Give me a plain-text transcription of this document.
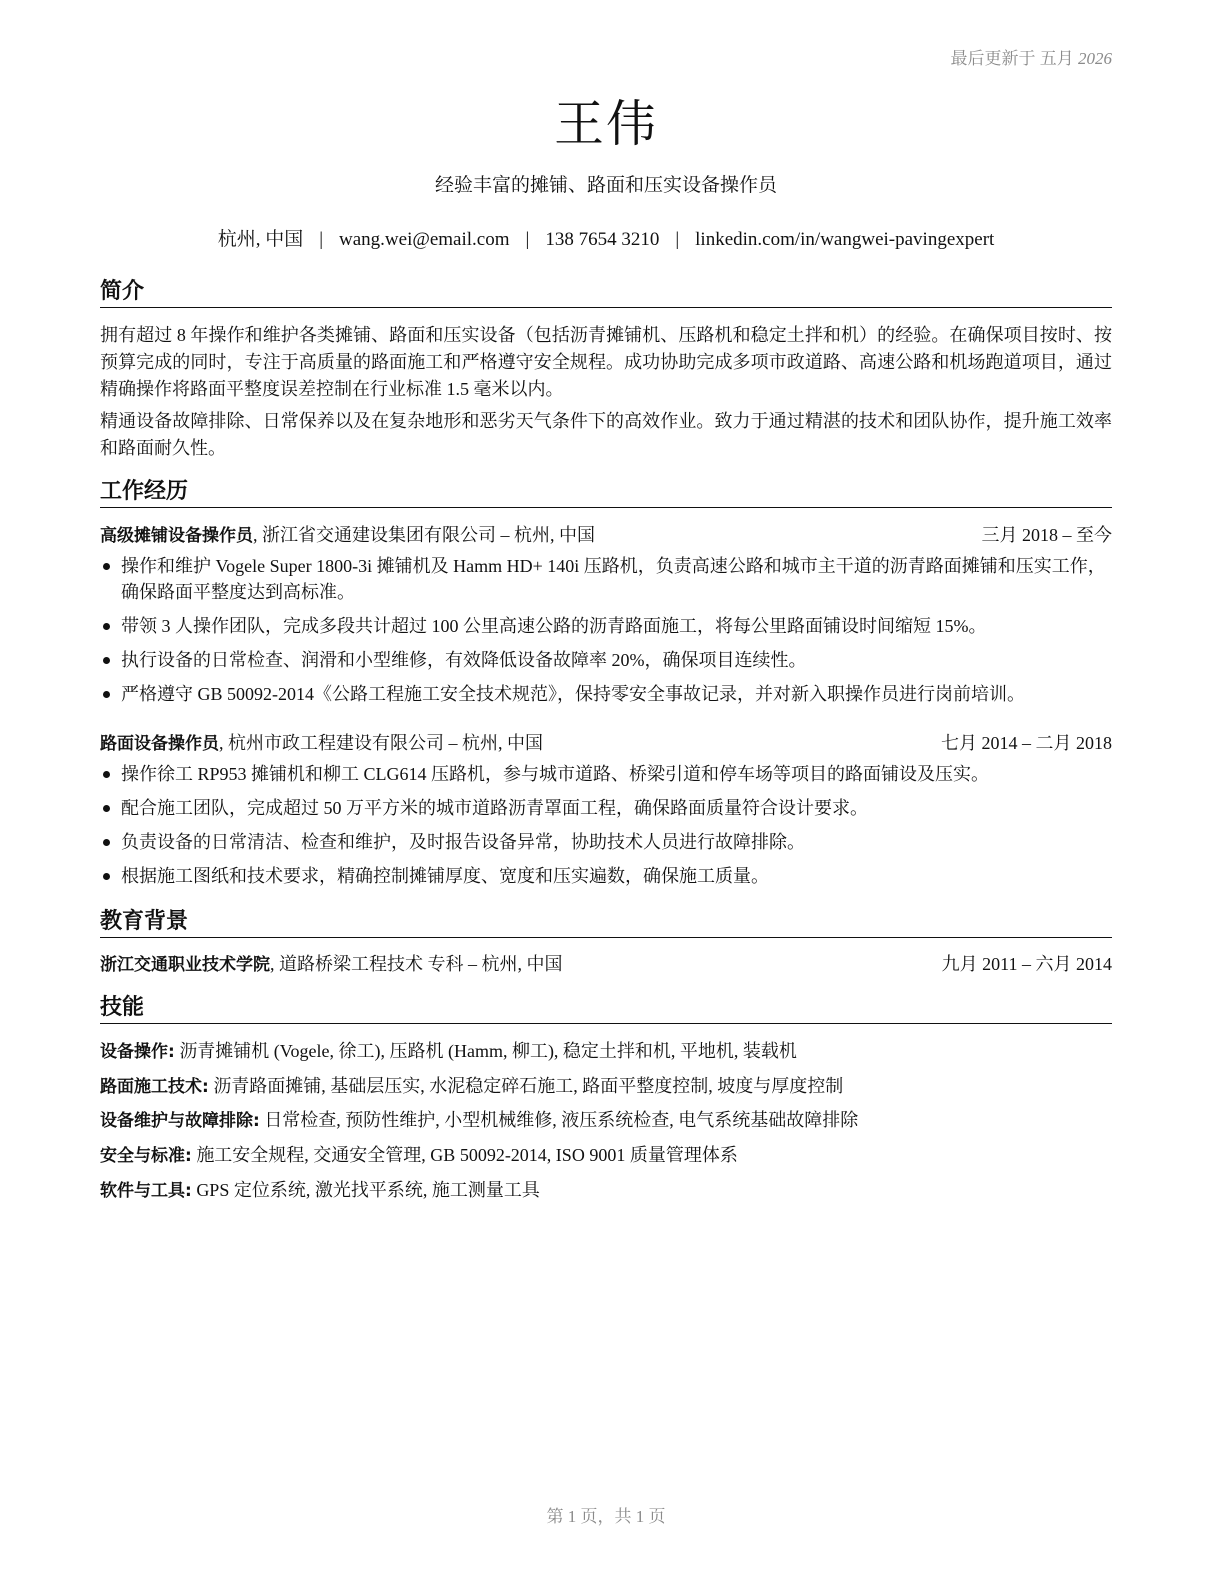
最后更新于 五月 2026
王伟
经验丰富的摊铺、路面和压实设备操作员
杭州, 中国 | wang.wei@email.com | 138 7654 3210 | linkedin.com/in/wangwei-pavingexpert
简介
拥有超过 8 年操作和维护各类摊铺、路面和压实设备（包括沥青摊铺机、压路机和稳定土拌和机）的经验。在确保项目按时、按预算完成的同时，专注于高质量的路面施工和严格遵守安全规程。成功协助完成多项市政道路、高速公路和机场跑道项目，通过精确操作将路面平整度误差控制在行业标准 1.5 毫米以内。
精通设备故障排除、日常保养以及在复杂地形和恶劣天气条件下的高效作业。致力于通过精湛的技术和团队协作，提升施工效率和路面耐久性。
工作经历
高级摊铺设备操作员, 浙江省交通建设集团有限公司 – 杭州, 中国	三月 2018 – 至今
操作和维护 Vogele Super 1800-3i 摊铺机及 Hamm HD+ 140i 压路机，负责高速公路和城市主干道的沥青路面摊铺和压实工作，确保路面平整度达到高标准。
带领 3 人操作团队，完成多段共计超过 100 公里高速公路的沥青路面施工，将每公里路面铺设时间缩短 15%。
执行设备的日常检查、润滑和小型维修，有效降低设备故障率 20%，确保项目连续性。
严格遵守 GB 50092-2014《公路工程施工安全技术规范》，保持零安全事故记录，并对新入职操作员进行岗前培训。
路面设备操作员, 杭州市政工程建设有限公司 – 杭州, 中国	七月 2014 – 二月 2018
操作徐工 RP953 摊铺机和柳工 CLG614 压路机，参与城市道路、桥梁引道和停车场等项目的路面铺设及压实。
配合施工团队，完成超过 50 万平方米的城市道路沥青罩面工程，确保路面质量符合设计要求。
负责设备的日常清洁、检查和维护，及时报告设备异常，协助技术人员进行故障排除。
根据施工图纸和技术要求，精确控制摊铺厚度、宽度和压实遍数，确保施工质量。
教育背景
浙江交通职业技术学院, 道路桥梁工程技术 专科 – 杭州, 中国	九月 2011 – 六月 2014
技能
设备操作: 沥青摊铺机 (Vogele, 徐工), 压路机 (Hamm, 柳工), 稳定土拌和机, 平地机, 装载机
路面施工技术: 沥青路面摊铺, 基础层压实, 水泥稳定碎石施工, 路面平整度控制, 坡度与厚度控制
设备维护与故障排除: 日常检查, 预防性维护, 小型机械维修, 液压系统检查, 电气系统基础故障排除
安全与标准: 施工安全规程, 交通安全管理, GB 50092-2014, ISO 9001 质量管理体系
软件与工具: GPS 定位系统, 激光找平系统, 施工测量工具
第 1 页，共 1 页
